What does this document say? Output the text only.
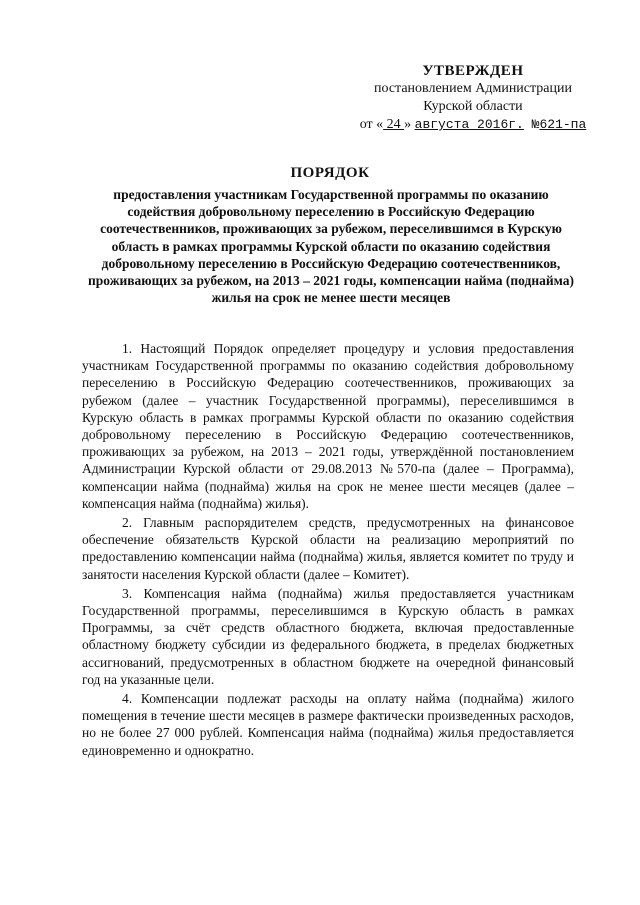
УТВЕРЖДЕН
постановлением Администрации
Курской области
от « 24 » августа 2016г. №621-па
ПОРЯДОК
предоставления участникам Государственной программы по оказанию содействия добровольному переселению в Российскую Федерацию соотечественников, проживающих за рубежом, переселившимся в Курскую область в рамках программы Курской области по оказанию содействия добровольному переселению в Российскую Федерацию соотечественников, проживающих за рубежом, на 2013 – 2021 годы, компенсации найма (поднайма) жилья на срок не менее шести месяцев

1. Настоящий Порядок определяет процедуру и условия предоставления участникам Государственной программы по оказанию содействия добровольному переселению в Российскую Федерацию соотечественников, проживающих за рубежом (далее – участник Государственной программы), переселившимся в Курскую область в рамках программы Курской области по оказанию содействия добровольному переселению в Российскую Федерацию соотечественников, проживающих за рубежом, на 2013 – 2021 годы, утверждённой постановлением Администрации Курской области от 29.08.2013 №570-па (далее – Программа), компенсации найма (поднайма) жилья на срок не менее шести месяцев (далее – компенсация найма (поднайма) жилья).

2. Главным распорядителем средств, предусмотренных на финансовое обеспечение обязательств Курской области на реализацию мероприятий по предоставлению компенсации найма (поднайма) жилья, является комитет по труду и занятости населения Курской области (далее – Комитет).

3. Компенсация найма (поднайма) жилья предоставляется участникам Государственной программы, переселившимся в Курскую область в рамках Программы, за счёт средств областного бюджета, включая предоставленные областному бюджету субсидии из федерального бюджета, в пределах бюджетных ассигнований, предусмотренных в областном бюджете на очередной финансовый год на указанные цели.

4. Компенсации подлежат расходы на оплату найма (поднайма) жилого помещения в течение шести месяцев в размере фактически произведенных расходов, но не более 27 000 рублей. Компенсация найма (поднайма) жилья предоставляется единовременно и однократно.
